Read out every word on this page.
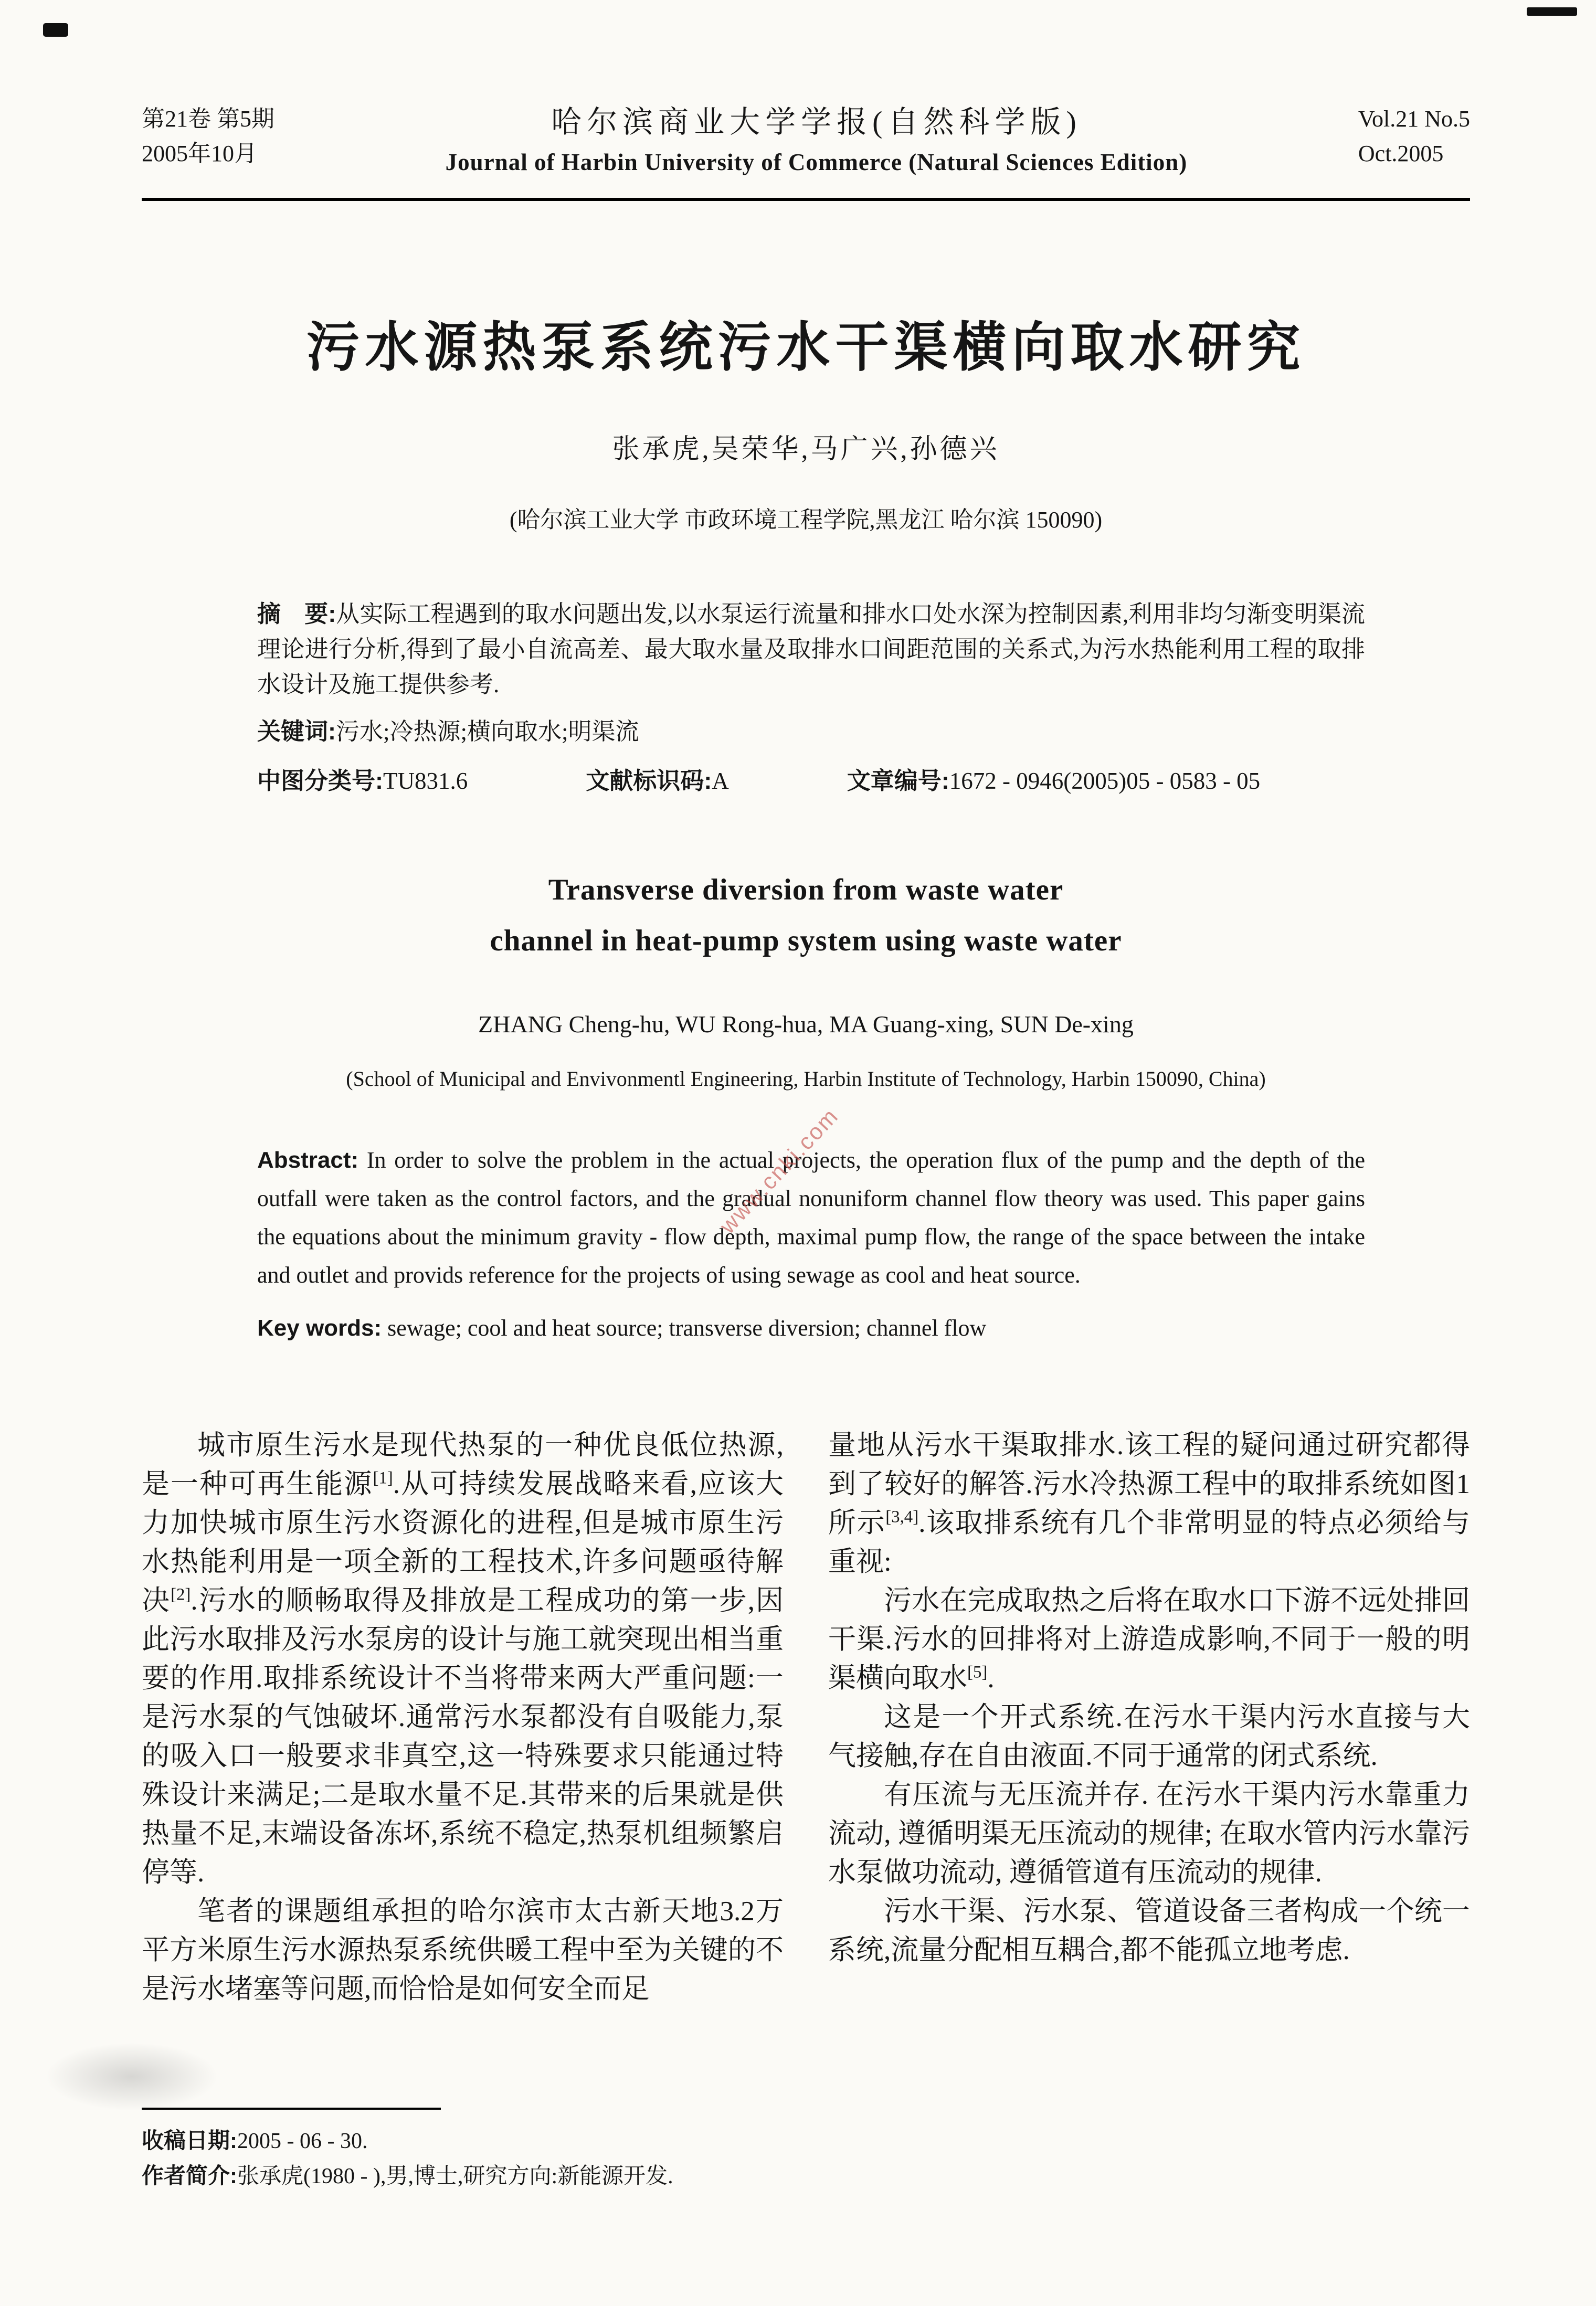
第21卷 第5期
2005年10月
哈尔滨商业大学学报(自然科学版)
Journal of Harbin University of Commerce (Natural Sciences Edition)
Vol.21 No.5
Oct.2005
污水源热泵系统污水干渠横向取水研究
张承虎,吴荣华,马广兴,孙德兴
(哈尔滨工业大学 市政环境工程学院,黑龙江 哈尔滨 150090)

摘　要:从实际工程遇到的取水问题出发,以水泵运行流量和排水口处水深为控制因素,利用非均匀渐变明渠流理论进行分析,得到了最小自流高差、最大取水量及取排水口间距范围的关系式,为污水热能利用工程的取排水设计及施工提供参考.

关键词:污水;冷热源;横向取水;明渠流

中图分类号:TU831.6	文献标识码:A	文章编号:1672 - 0946(2005)05 - 0583 - 05

Transverse diversion from waste water
channel in heat-pump system using waste water
ZHANG Cheng-hu, WU Rong-hua, MA Guang-xing, SUN De-xing
(School of Municipal and Envivonmentl Engineering, Harbin Institute of Technology, Harbin 150090, China)

Abstract: In order to solve the problem in the actual projects, the operation flux of the pump and the depth of the outfall were taken as the control factors, and the gradual nonuniform channel flow theory was used. This paper gains the equations about the minimum gravity - flow depth, maximal pump flow, the range of the space between the intake and outlet and provids reference for the projects of using sewage as cool and heat source.

Key words: sewage; cool and heat source; transverse diversion; channel flow

城市原生污水是现代热泵的一种优良低位热源,是一种可再生能源[1].从可持续发展战略来看,应该大力加快城市原生污水资源化的进程,但是城市原生污水热能利用是一项全新的工程技术,许多问题亟待解决[2].污水的顺畅取得及排放是工程成功的第一步,因此污水取排及污水泵房的设计与施工就突现出相当重要的作用.取排系统设计不当将带来两大严重问题:一是污水泵的气蚀破坏.通常污水泵都没有自吸能力,泵的吸入口一般要求非真空,这一特殊要求只能通过特殊设计来满足;二是取水量不足.其带来的后果就是供热量不足,末端设备冻坏,系统不稳定,热泵机组频繁启停等.

笔者的课题组承担的哈尔滨市太古新天地3.2万平方米原生污水源热泵系统供暖工程中至为关键的不是污水堵塞等问题,而恰恰是如何安全而足

量地从污水干渠取排水.该工程的疑问通过研究都得到了较好的解答.污水冷热源工程中的取排系统如图1所示[3,4].该取排系统有几个非常明显的特点必须给与重视:

污水在完成取热之后将在取水口下游不远处排回干渠.污水的回排将对上游造成影响,不同于一般的明渠横向取水[5].

这是一个开式系统.在污水干渠内污水直接与大气接触,存在自由液面.不同于通常的闭式系统.

有压流与无压流并存. 在污水干渠内污水靠重力流动, 遵循明渠无压流动的规律; 在取水管内污水靠污水泵做功流动, 遵循管道有压流动的规律.

污水干渠、污水泵、管道设备三者构成一个统一系统,流量分配相互耦合,都不能孤立地考虑.

收稿日期:2005 - 06 - 30.

作者简介:张承虎(1980 - ),男,博士,研究方向:新能源开发.

www.cnki.com
